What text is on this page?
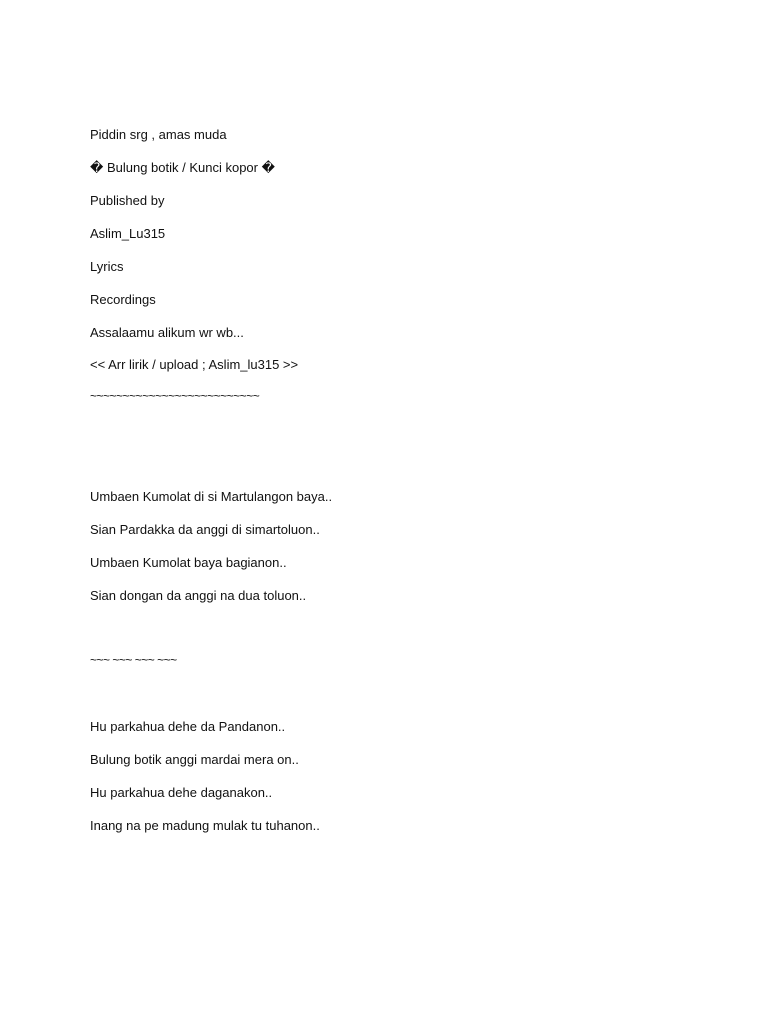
Piddin srg , amas muda
� Bulung botik / Kunci kopor �
Published by
Aslim_Lu315
Lyrics
Recordings
Assalaamu alikum wr wb...
<< Arr lirik / upload ; Aslim_lu315 >>
~~~~~~~~~~~~~~~~~~~~~~~~~~
Umbaen Kumolat di si Martulangon baya..
Sian Pardakka da anggi di simartoluon..
Umbaen Kumolat baya bagianon..
Sian dongan da anggi na dua toluon..
~~~ ~~~ ~~~ ~~~
Hu parkahua dehe da Pandanon..
Bulung botik anggi mardai mera on..
Hu parkahua dehe daganakon..
Inang na pe madung mulak tu tuhanon..
